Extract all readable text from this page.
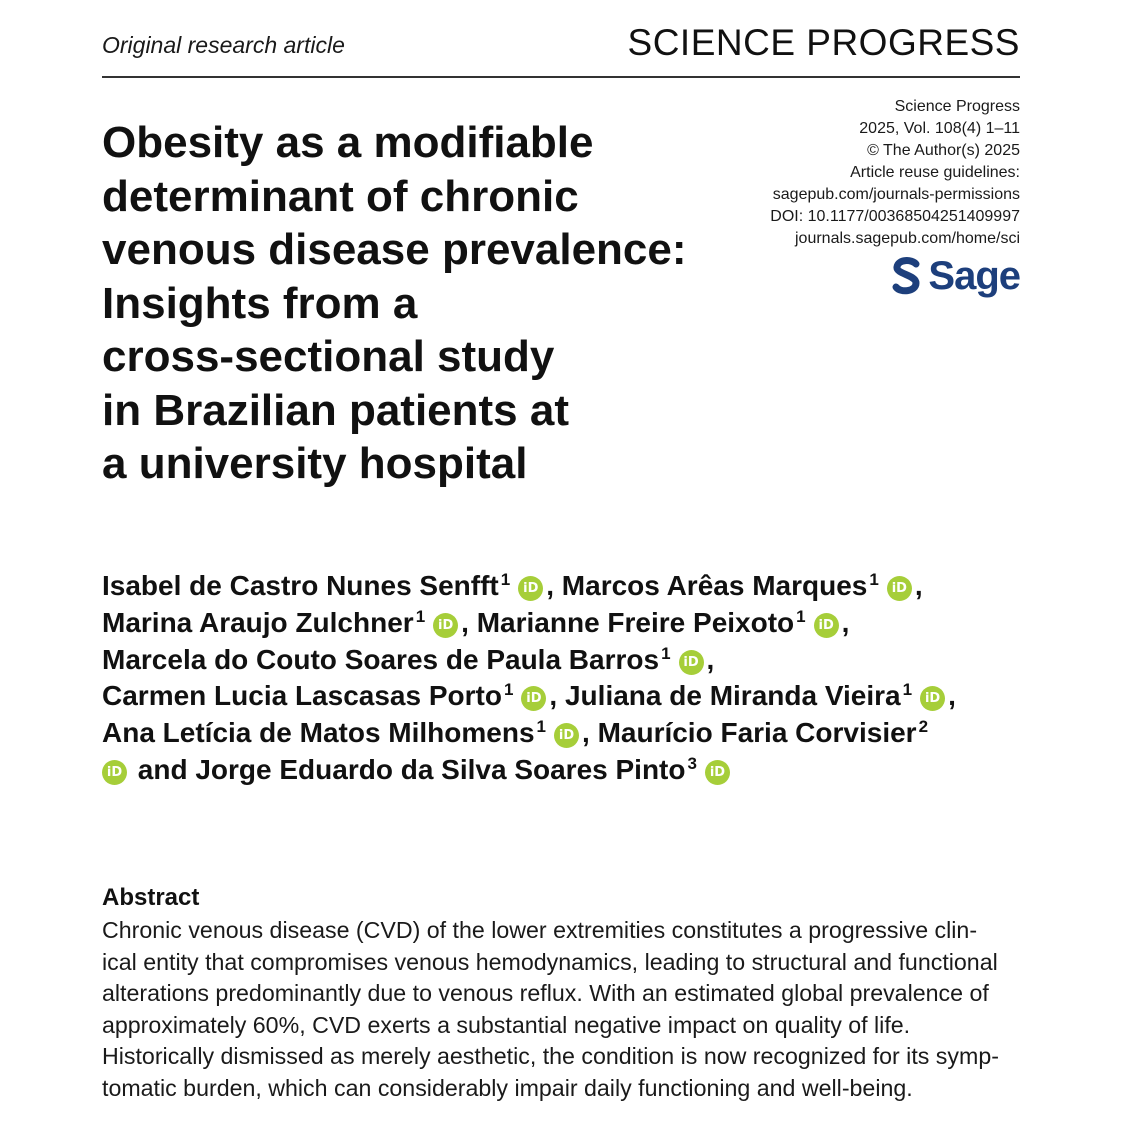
Original research article	SCIENCE PROGRESS
Science Progress
2025, Vol. 108(4) 1–11
© The Author(s) 2025
Article reuse guidelines:
sagepub.com/journals-permissions
DOI: 10.1177/00368504251409997
journals.sagepub.com/home/sci
Sage
Obesity as a modifiable
determinant of chronic
venous disease prevalence:
Insights from a
cross-sectional study
in Brazilian patients at
a university hospital
Isabel de Castro Nunes Senfft $^1$ iD , Marcos Arêas Marques $^1$ iD ,
Marina Araujo Zulchner $^1$ iD , Marianne Freire Peixoto $^1$ iD ,
Marcela do Couto Soares de Paula Barros $^1$ iD ,
Carmen Lucia Lascasas Porto $^1$ iD , Juliana de Miranda Vieira $^1$ iD ,
Ana Letícia de Matos Milhomens $^1$ iD , Maurício Faria Corvisier $^2$
iD and Jorge Eduardo da Silva Soares Pinto $^3$ iD
Abstract
Chronic venous disease (CVD) of the lower extremities constitutes a progressive clin-
ical entity that compromises venous hemodynamics, leading to structural and functional
alterations predominantly due to venous reflux. With an estimated global prevalence of
approximately 60%, CVD exerts a substantial negative impact on quality of life.
Historically dismissed as merely aesthetic, the condition is now recognized for its symp-
tomatic burden, which can considerably impair daily functioning and well-being.
